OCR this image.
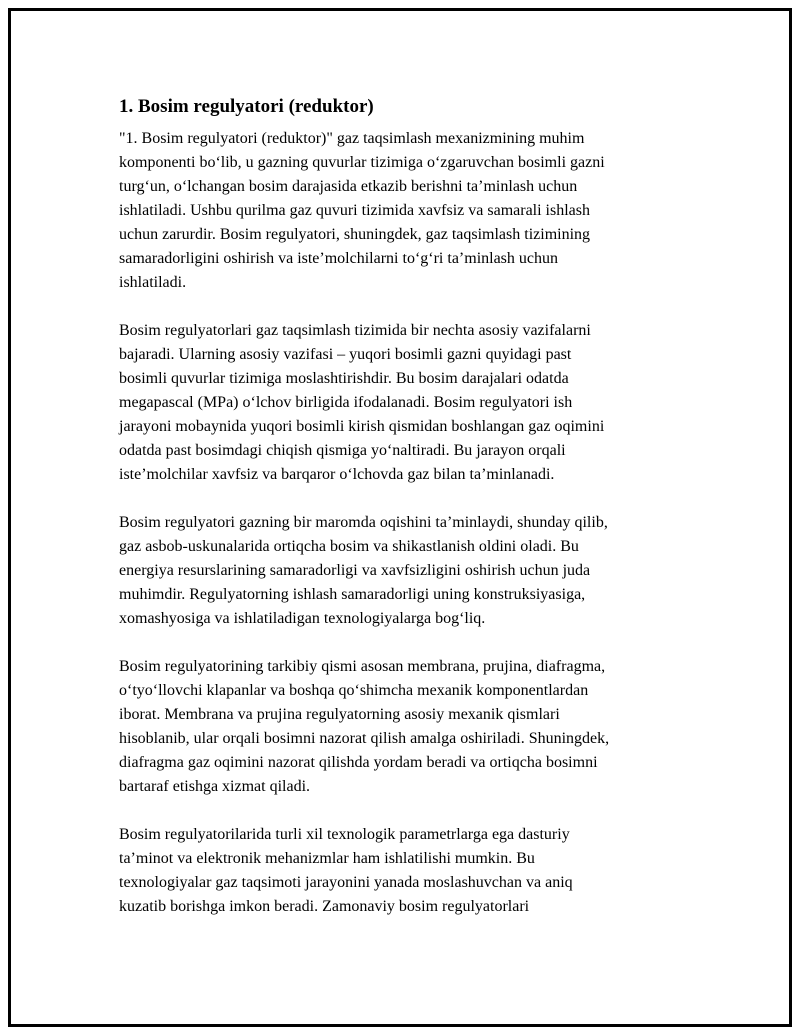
1. Bosim regulyatori (reduktor)

"1. Bosim regulyatori (reduktor)" gaz taqsimlash mexanizmining muhim
komponenti boʻlib, u gazning quvurlar tizimiga oʻzgaruvchan bosimli gazni
turgʻun, oʻlchangan bosim darajasida etkazib berishni taʼminlash uchun
ishlatiladi. Ushbu qurilma gaz quvuri tizimida xavfsiz va samarali ishlash
uchun zarurdir. Bosim regulyatori, shuningdek, gaz taqsimlash tizimining
samaradorligini oshirish va isteʼmolchilarni toʻgʻri taʼminlash uchun
ishlatiladi.

Bosim regulyatorlari gaz taqsimlash tizimida bir nechta asosiy vazifalarni
bajaradi. Ularning asosiy vazifasi – yuqori bosimli gazni quyidagi past
bosimli quvurlar tizimiga moslashtirishdir. Bu bosim darajalari odatda
megapascal (MPa) oʻlchov birligida ifodalanadi. Bosim regulyatori ish
jarayoni mobaynida yuqori bosimli kirish qismidan boshlangan gaz oqimini
odatda past bosimdagi chiqish qismiga yoʻnaltiradi. Bu jarayon orqali
isteʼmolchilar xavfsiz va barqaror oʻlchovda gaz bilan taʼminlanadi.

Bosim regulyatori gazning bir maromda oqishini taʼminlaydi, shunday qilib,
gaz asbob-uskunalarida ortiqcha bosim va shikastlanish oldini oladi. Bu
energiya resurslarining samaradorligi va xavfsizligini oshirish uchun juda
muhimdir. Regulyatorning ishlash samaradorligi uning konstruksiyasiga,
xomashyosiga va ishlatiladigan texnologiyalarga bogʻliq.

Bosim regulyatorining tarkibiy qismi asosan membrana, prujina, diafragma,
oʻtyoʻllovchi klapanlar va boshqa qoʻshimcha mexanik komponentlardan
iborat. Membrana va prujina regulyatorning asosiy mexanik qismlari
hisoblanib, ular orqali bosimni nazorat qilish amalga oshiriladi. Shuningdek,
diafragma gaz oqimini nazorat qilishda yordam beradi va ortiqcha bosimni
bartaraf etishga xizmat qiladi.

Bosim regulyatorilarida turli xil texnologik parametrlarga ega dasturiy
taʼminot va elektronik mehanizmlar ham ishlatilishi mumkin. Bu
texnologiyalar gaz taqsimoti jarayonini yanada moslashuvchan va aniq
kuzatib borishga imkon beradi. Zamonaviy bosim regulyatorlari
